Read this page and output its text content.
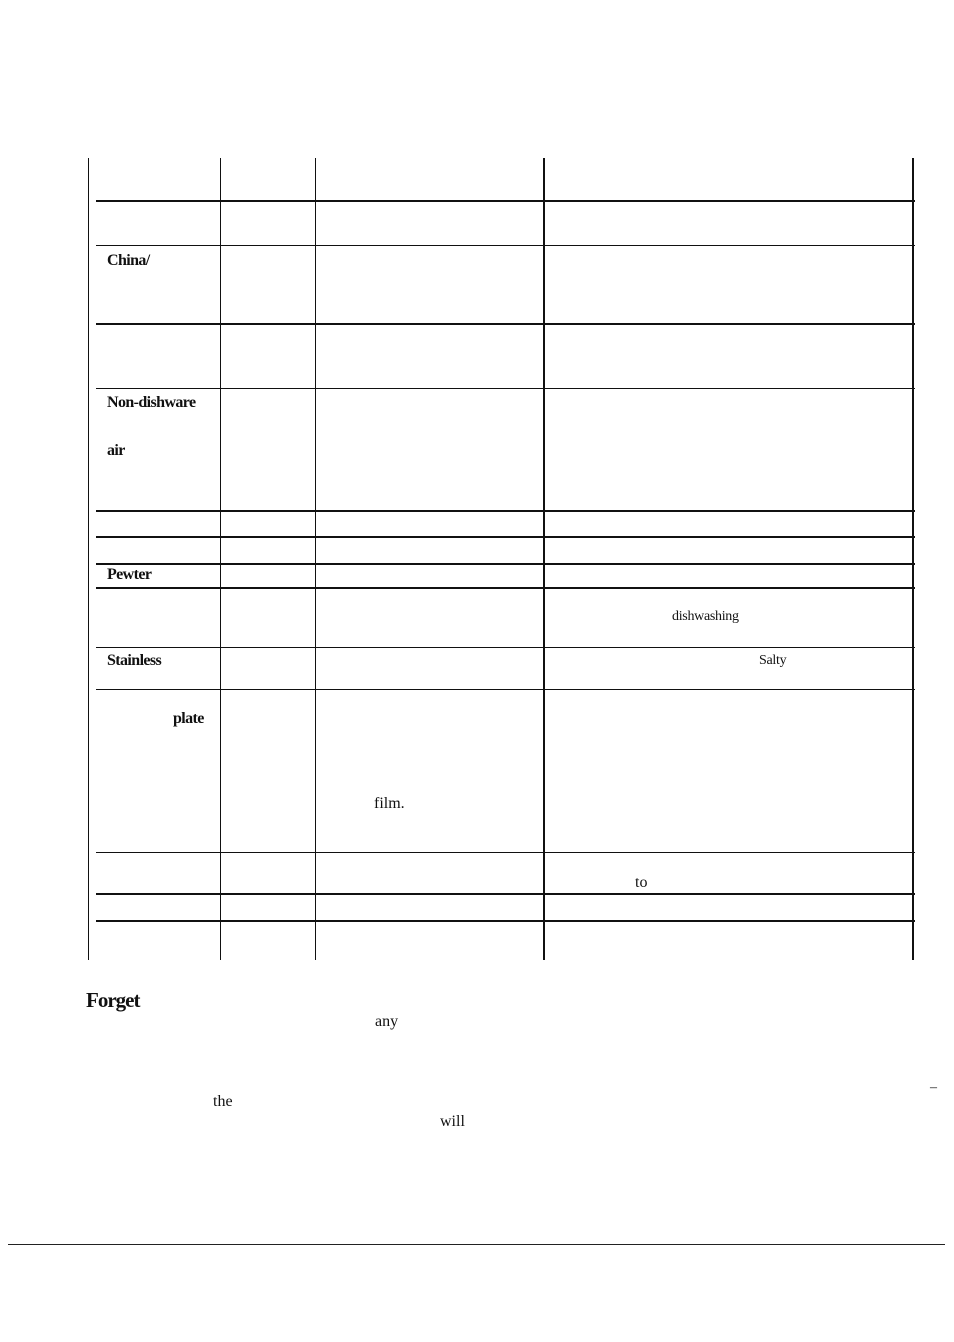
China/
Non-dishware
air
Pewter
Stainless
plate
dishwashing
Salty
film.
to
Forget
any
the
will
–
